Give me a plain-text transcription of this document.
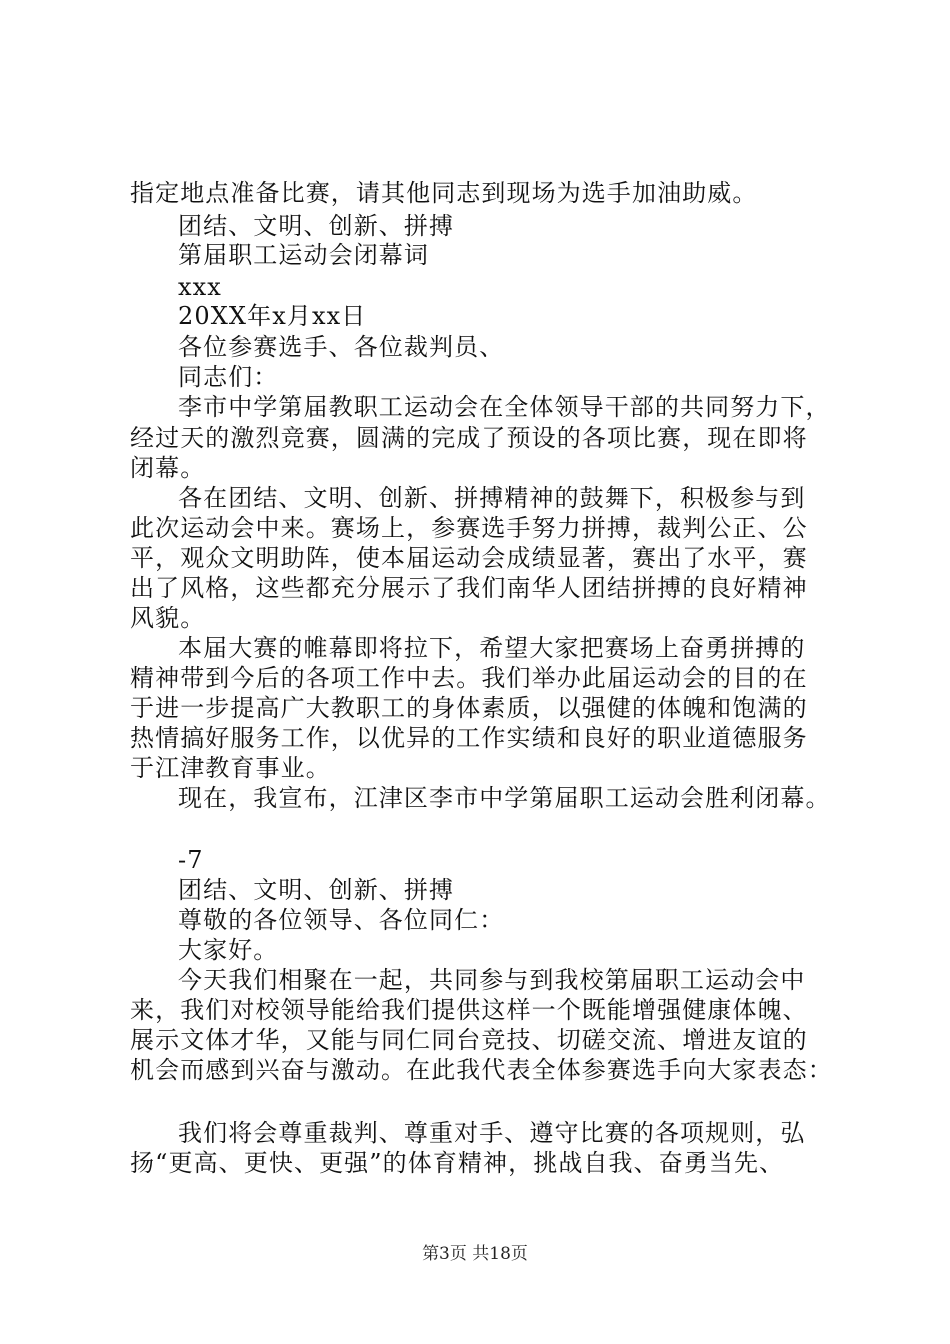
指定地点准备比赛，请其他同志到现场为选手加油助威。
团结、文明、创新、拼搏
第届职工运动会闭幕词
xxx
20XX年x月xx日
各位参赛选手、各位裁判员、
同志们：
李市中学第届教职工运动会在全体领导干部的共同努力下，
经过天的激烈竞赛，圆满的完成了预设的各项比赛，现在即将
闭幕。
各在团结、文明、创新、拼搏精神的鼓舞下，积极参与到
此次运动会中来。赛场上，参赛选手努力拼搏，裁判公正、公
平，观众文明助阵，使本届运动会成绩显著，赛出了水平，赛
出了风格，这些都充分展示了我们南华人团结拼搏的良好精神
风貌。
本届大赛的帷幕即将拉下，希望大家把赛场上奋勇拼搏的
精神带到今后的各项工作中去。我们举办此届运动会的目的在
于进一步提高广大教职工的身体素质，以强健的体魄和饱满的
热情搞好服务工作，以优异的工作实绩和良好的职业道德服务
于江津教育事业。
现在，我宣布，江津区李市中学第届职工运动会胜利闭幕。
-7
团结、文明、创新、拼搏
尊敬的各位领导、各位同仁：
大家好。
今天我们相聚在一起，共同参与到我校第届职工运动会中
来，我们对校领导能给我们提供这样一个既能增强健康体魄、
展示文体才华，又能与同仁同台竞技、切磋交流、增进友谊的
机会而感到兴奋与激动。在此我代表全体参赛选手向大家表态：
我们将会尊重裁判、尊重对手、遵守比赛的各项规则，弘
扬“更高、更快、更强”的体育精神，挑战自我、奋勇当先、
第3页 共18页
